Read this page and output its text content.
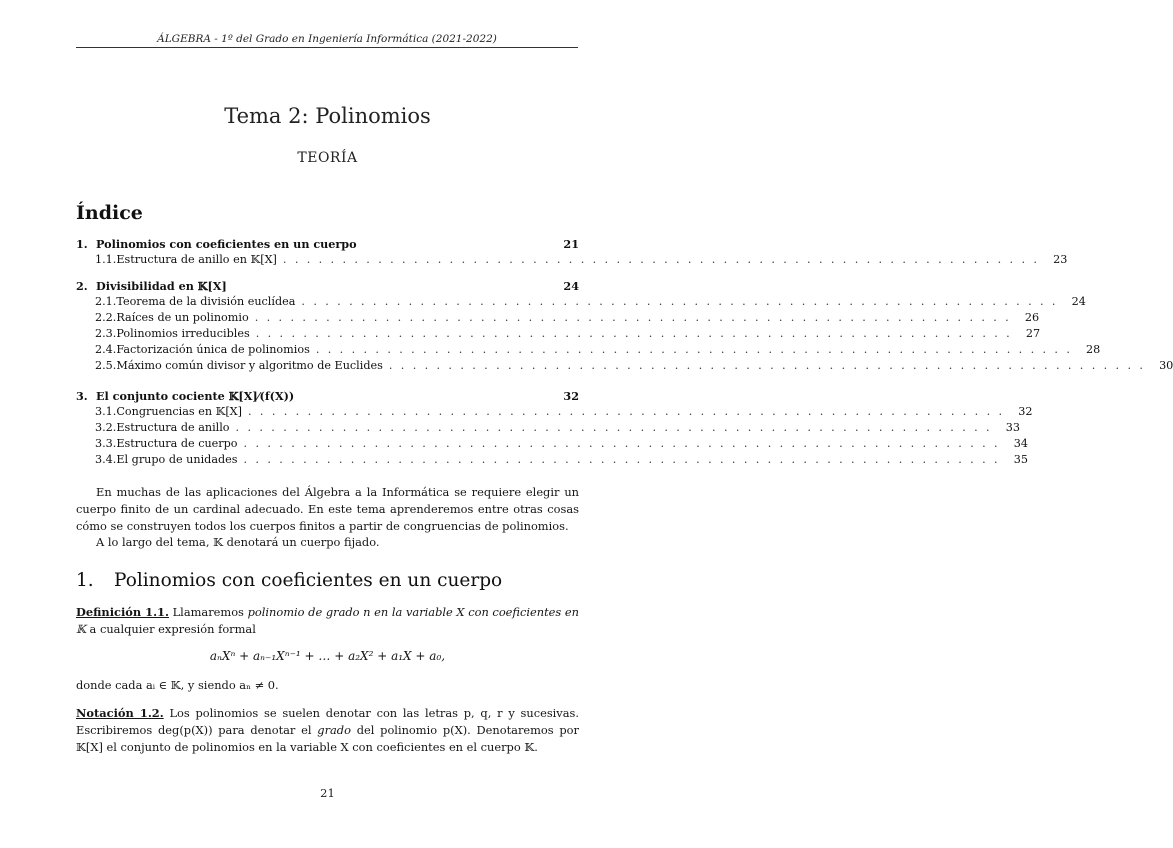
ÁLGEBRA - 1º del Grado en Ingeniería Informática (2021-2022)
Tema 2: Polinomios
TEORÍA
Índice
1. Polinomios con coeficientes en un cuerpo	21
1.1. Estructura de anillo en 𝕂[X] . . . . . . . . . . . . . . . . . . . . . . . . . . . . . . . . . . . . . . . . . . . . . . . . . . . . . . . . . . . . . . . .	23
2. Divisibilidad en 𝕂[X]	24
2.1. Teorema de la división euclídea . . . . . . . . . . . . . . . . . . . . . . . . . . . . . . . . . . . . . . . . . . . . . . . . . . . . . . . . . . . . . . . .	24
2.2. Raíces de un polinomio . . . . . . . . . . . . . . . . . . . . . . . . . . . . . . . . . . . . . . . . . . . . . . . . . . . . . . . . . . . . . . . .	26
2.3. Polinomios irreducibles . . . . . . . . . . . . . . . . . . . . . . . . . . . . . . . . . . . . . . . . . . . . . . . . . . . . . . . . . . . . . . . .	27
2.4. Factorización única de polinomios . . . . . . . . . . . . . . . . . . . . . . . . . . . . . . . . . . . . . . . . . . . . . . . . . . . . . . . . . . . . . . . .	28
2.5. Máximo común divisor y algoritmo de Euclides . . . . . . . . . . . . . . . . . . . . . . . . . . . . . . . . . . . . . . . . . . . . . . . . . . . . . . . . . . . . . . . .	30
3. El conjunto cociente 𝕂[X]⁄(f(X))	32
3.1. Congruencias en 𝕂[X] . . . . . . . . . . . . . . . . . . . . . . . . . . . . . . . . . . . . . . . . . . . . . . . . . . . . . . . . . . . . . . . .	32
3.2. Estructura de anillo . . . . . . . . . . . . . . . . . . . . . . . . . . . . . . . . . . . . . . . . . . . . . . . . . . . . . . . . . . . . . . . .	33
3.3. Estructura de cuerpo . . . . . . . . . . . . . . . . . . . . . . . . . . . . . . . . . . . . . . . . . . . . . . . . . . . . . . . . . . . . . . . .	34
3.4. El grupo de unidades . . . . . . . . . . . . . . . . . . . . . . . . . . . . . . . . . . . . . . . . . . . . . . . . . . . . . . . . . . . . . . . .	35
En muchas de las aplicaciones del Álgebra a la Informática se requiere elegir un cuerpo finito de un cardinal adecuado. En este tema aprenderemos entre otras cosas cómo se construyen todos los cuerpos finitos a partir de congruencias de polinomios.
A lo largo del tema, 𝕂 denotará un cuerpo fijado.
1. Polinomios con coeficientes en un cuerpo
Definición 1.1. Llamaremos polinomio de grado n en la variable X con coeficientes en 𝕂 a cualquier expresión formal
aₙXⁿ + aₙ₋₁Xⁿ⁻¹ + … + a₂X² + a₁X + a₀,
donde cada aᵢ ∈ 𝕂, y siendo aₙ ≠ 0.
Notación 1.2. Los polinomios se suelen denotar con las letras p, q, r y sucesivas. Escribiremos deg(p(X)) para denotar el grado del polinomio p(X). Denotaremos por 𝕂[X] el conjunto de polinomios en la variable X con coeficientes en el cuerpo 𝕂.
21
